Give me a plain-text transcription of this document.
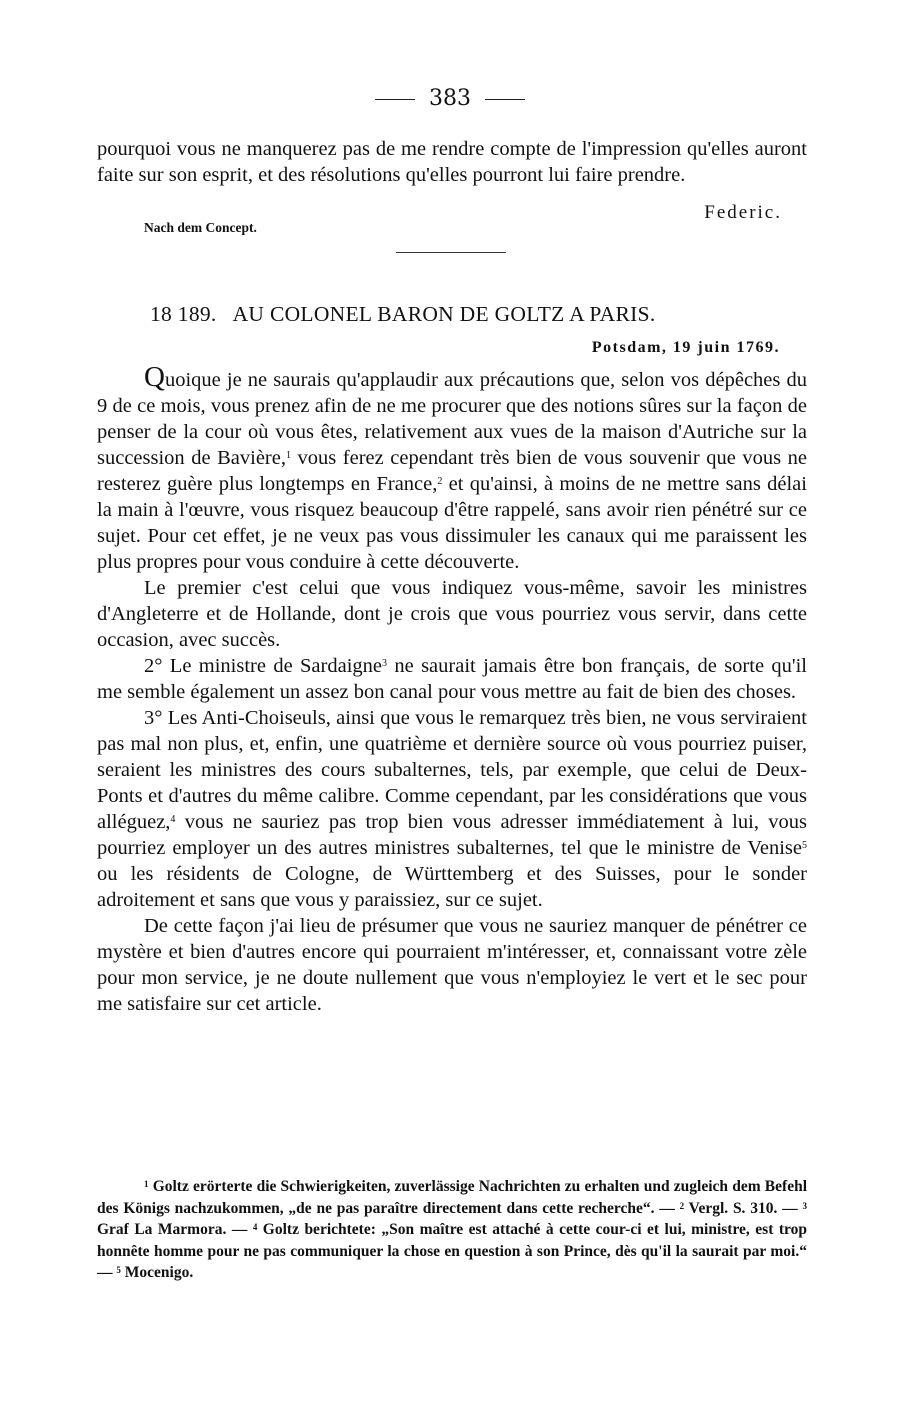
383
pourquoi vous ne manquerez pas de me rendre compte de l'impression qu'elles auront faite sur son esprit, et des résolutions qu'elles pourront lui faire prendre.
Federic.
Nach dem Concept.
18 189. AU COLONEL BARON DE GOLTZ A PARIS.
Potsdam, 19 juin 1769.

Quoique je ne saurais qu'applaudir aux précautions que, selon vos dépêches du 9 de ce mois, vous prenez afin de ne me procurer que des notions sûres sur la façon de penser de la cour où vous êtes, relativement aux vues de la maison d'Autriche sur la succession de Bavière,$^1$ vous ferez cependant très bien de vous souvenir que vous ne resterez guère plus longtemps en France,$^2$ et qu'ainsi, à moins de ne mettre sans délai la main à l'œuvre, vous risquez beaucoup d'être rappelé, sans avoir rien pénétré sur ce sujet. Pour cet effet, je ne veux pas vous dissimuler les canaux qui me paraissent les plus propres pour vous conduire à cette découverte.

Le premier c'est celui que vous indiquez vous-même, savoir les ministres d'Angleterre et de Hollande, dont je crois que vous pourriez vous servir, dans cette occasion, avec succès.

2° Le ministre de Sardaigne$^3$ ne saurait jamais être bon français, de sorte qu'il me semble également un assez bon canal pour vous mettre au fait de bien des choses.

3° Les Anti-Choiseuls, ainsi que vous le remarquez très bien, ne vous serviraient pas mal non plus, et, enfin, une quatrième et dernière source où vous pourriez puiser, seraient les ministres des cours subalternes, tels, par exemple, que celui de Deux-Ponts et d'autres du même calibre. Comme cependant, par les considérations que vous alléguez,$^4$ vous ne sauriez pas trop bien vous adresser immédiatement à lui, vous pourriez employer un des autres ministres subalternes, tel que le ministre de Venise$^5$ ou les résidents de Cologne, de Württemberg et des Suisses, pour le sonder adroitement et sans que vous y paraissiez, sur ce sujet.

De cette façon j'ai lieu de présumer que vous ne sauriez manquer de pénétrer ce mystère et bien d'autres encore qui pourraient m'intéresser, et, connaissant votre zèle pour mon service, je ne doute nullement que vous n'employiez le vert et le sec pour me satisfaire sur cet article.

$^1$ Goltz erörterte die Schwierigkeiten, zuverlässige Nachrichten zu erhalten und zugleich dem Befehl des Königs nachzukommen, „de ne pas paraître directement dans cette recherche“. — $^2$ Vergl. S. 310. — $^3$ Graf La Marmora. — $^4$ Goltz berichtete: „Son maître est attaché à cette cour-ci et lui, ministre, est trop honnête homme pour ne pas communiquer la chose en question à son Prince, dès qu'il la saurait par moi.“ — $^5$ Mocenigo.
